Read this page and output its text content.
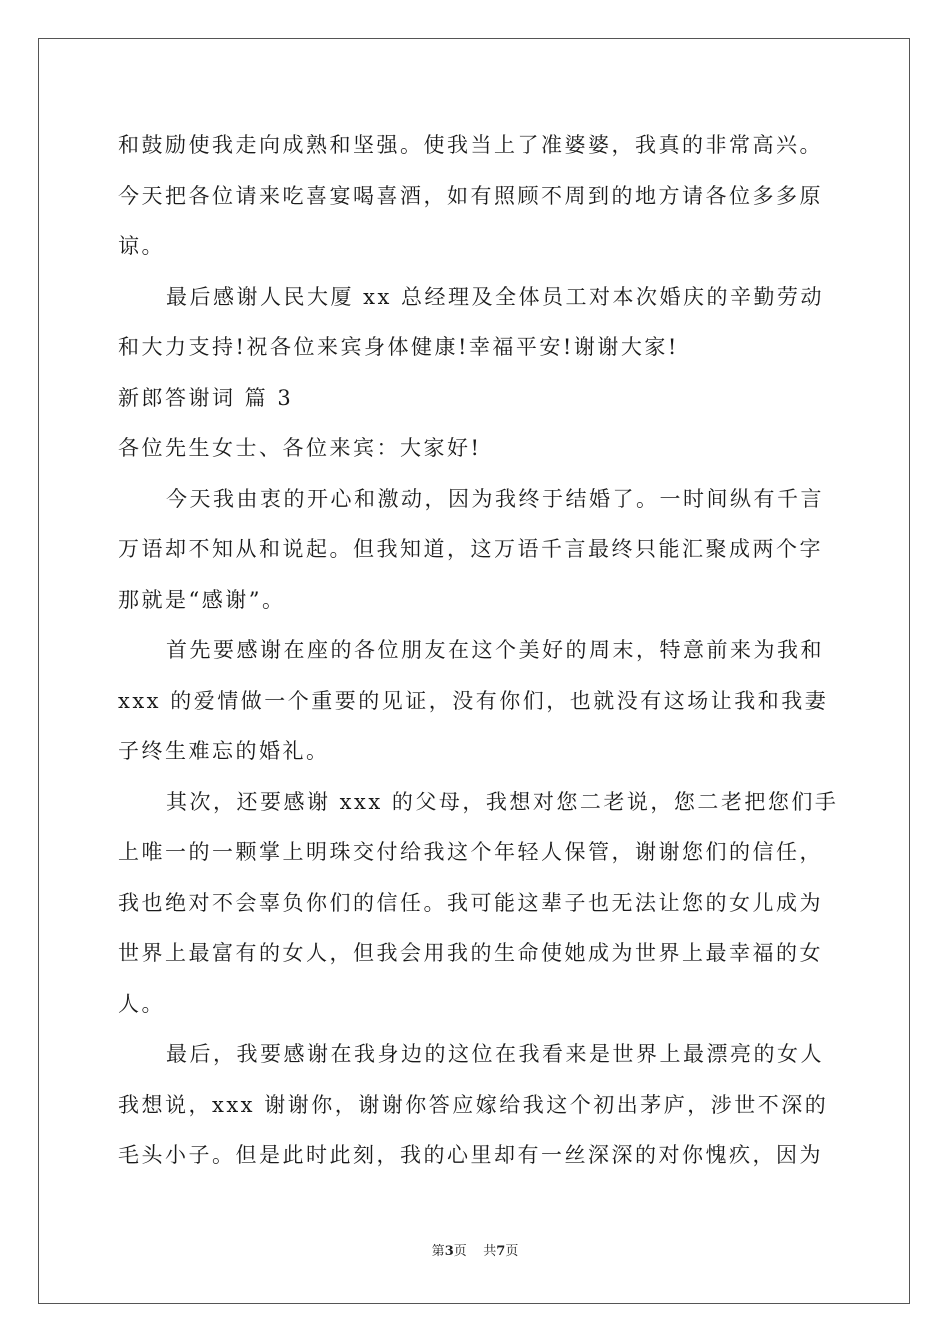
和鼓励使我走向成熟和坚强。使我当上了准婆婆，我真的非常高兴。
今天把各位请来吃喜宴喝喜酒，如有照顾不周到的地方请各位多多原
谅。
最后感谢人民大厦 xx 总经理及全体员工对本次婚庆的辛勤劳动
和大力支持!祝各位来宾身体健康!幸福平安!谢谢大家!
新郎答谢词 篇 3
各位先生女士、各位来宾：大家好!
今天我由衷的开心和激动，因为我终于结婚了。一时间纵有千言
万语却不知从和说起。但我知道，这万语千言最终只能汇聚成两个字
那就是“感谢”。
首先要感谢在座的各位朋友在这个美好的周末，特意前来为我和
xxx 的爱情做一个重要的见证，没有你们，也就没有这场让我和我妻
子终生难忘的婚礼。
其次，还要感谢 xxx 的父母，我想对您二老说，您二老把您们手
上唯一的一颗掌上明珠交付给我这个年轻人保管，谢谢您们的信任，
我也绝对不会辜负你们的信任。我可能这辈子也无法让您的女儿成为
世界上最富有的女人，但我会用我的生命使她成为世界上最幸福的女
人。
最后，我要感谢在我身边的这位在我看来是世界上最漂亮的女人
我想说，xxx 谢谢你，谢谢你答应嫁给我这个初出茅庐，涉世不深的
毛头小子。但是此时此刻，我的心里却有一丝深深的对你愧疚，因为
第3页    共7页
